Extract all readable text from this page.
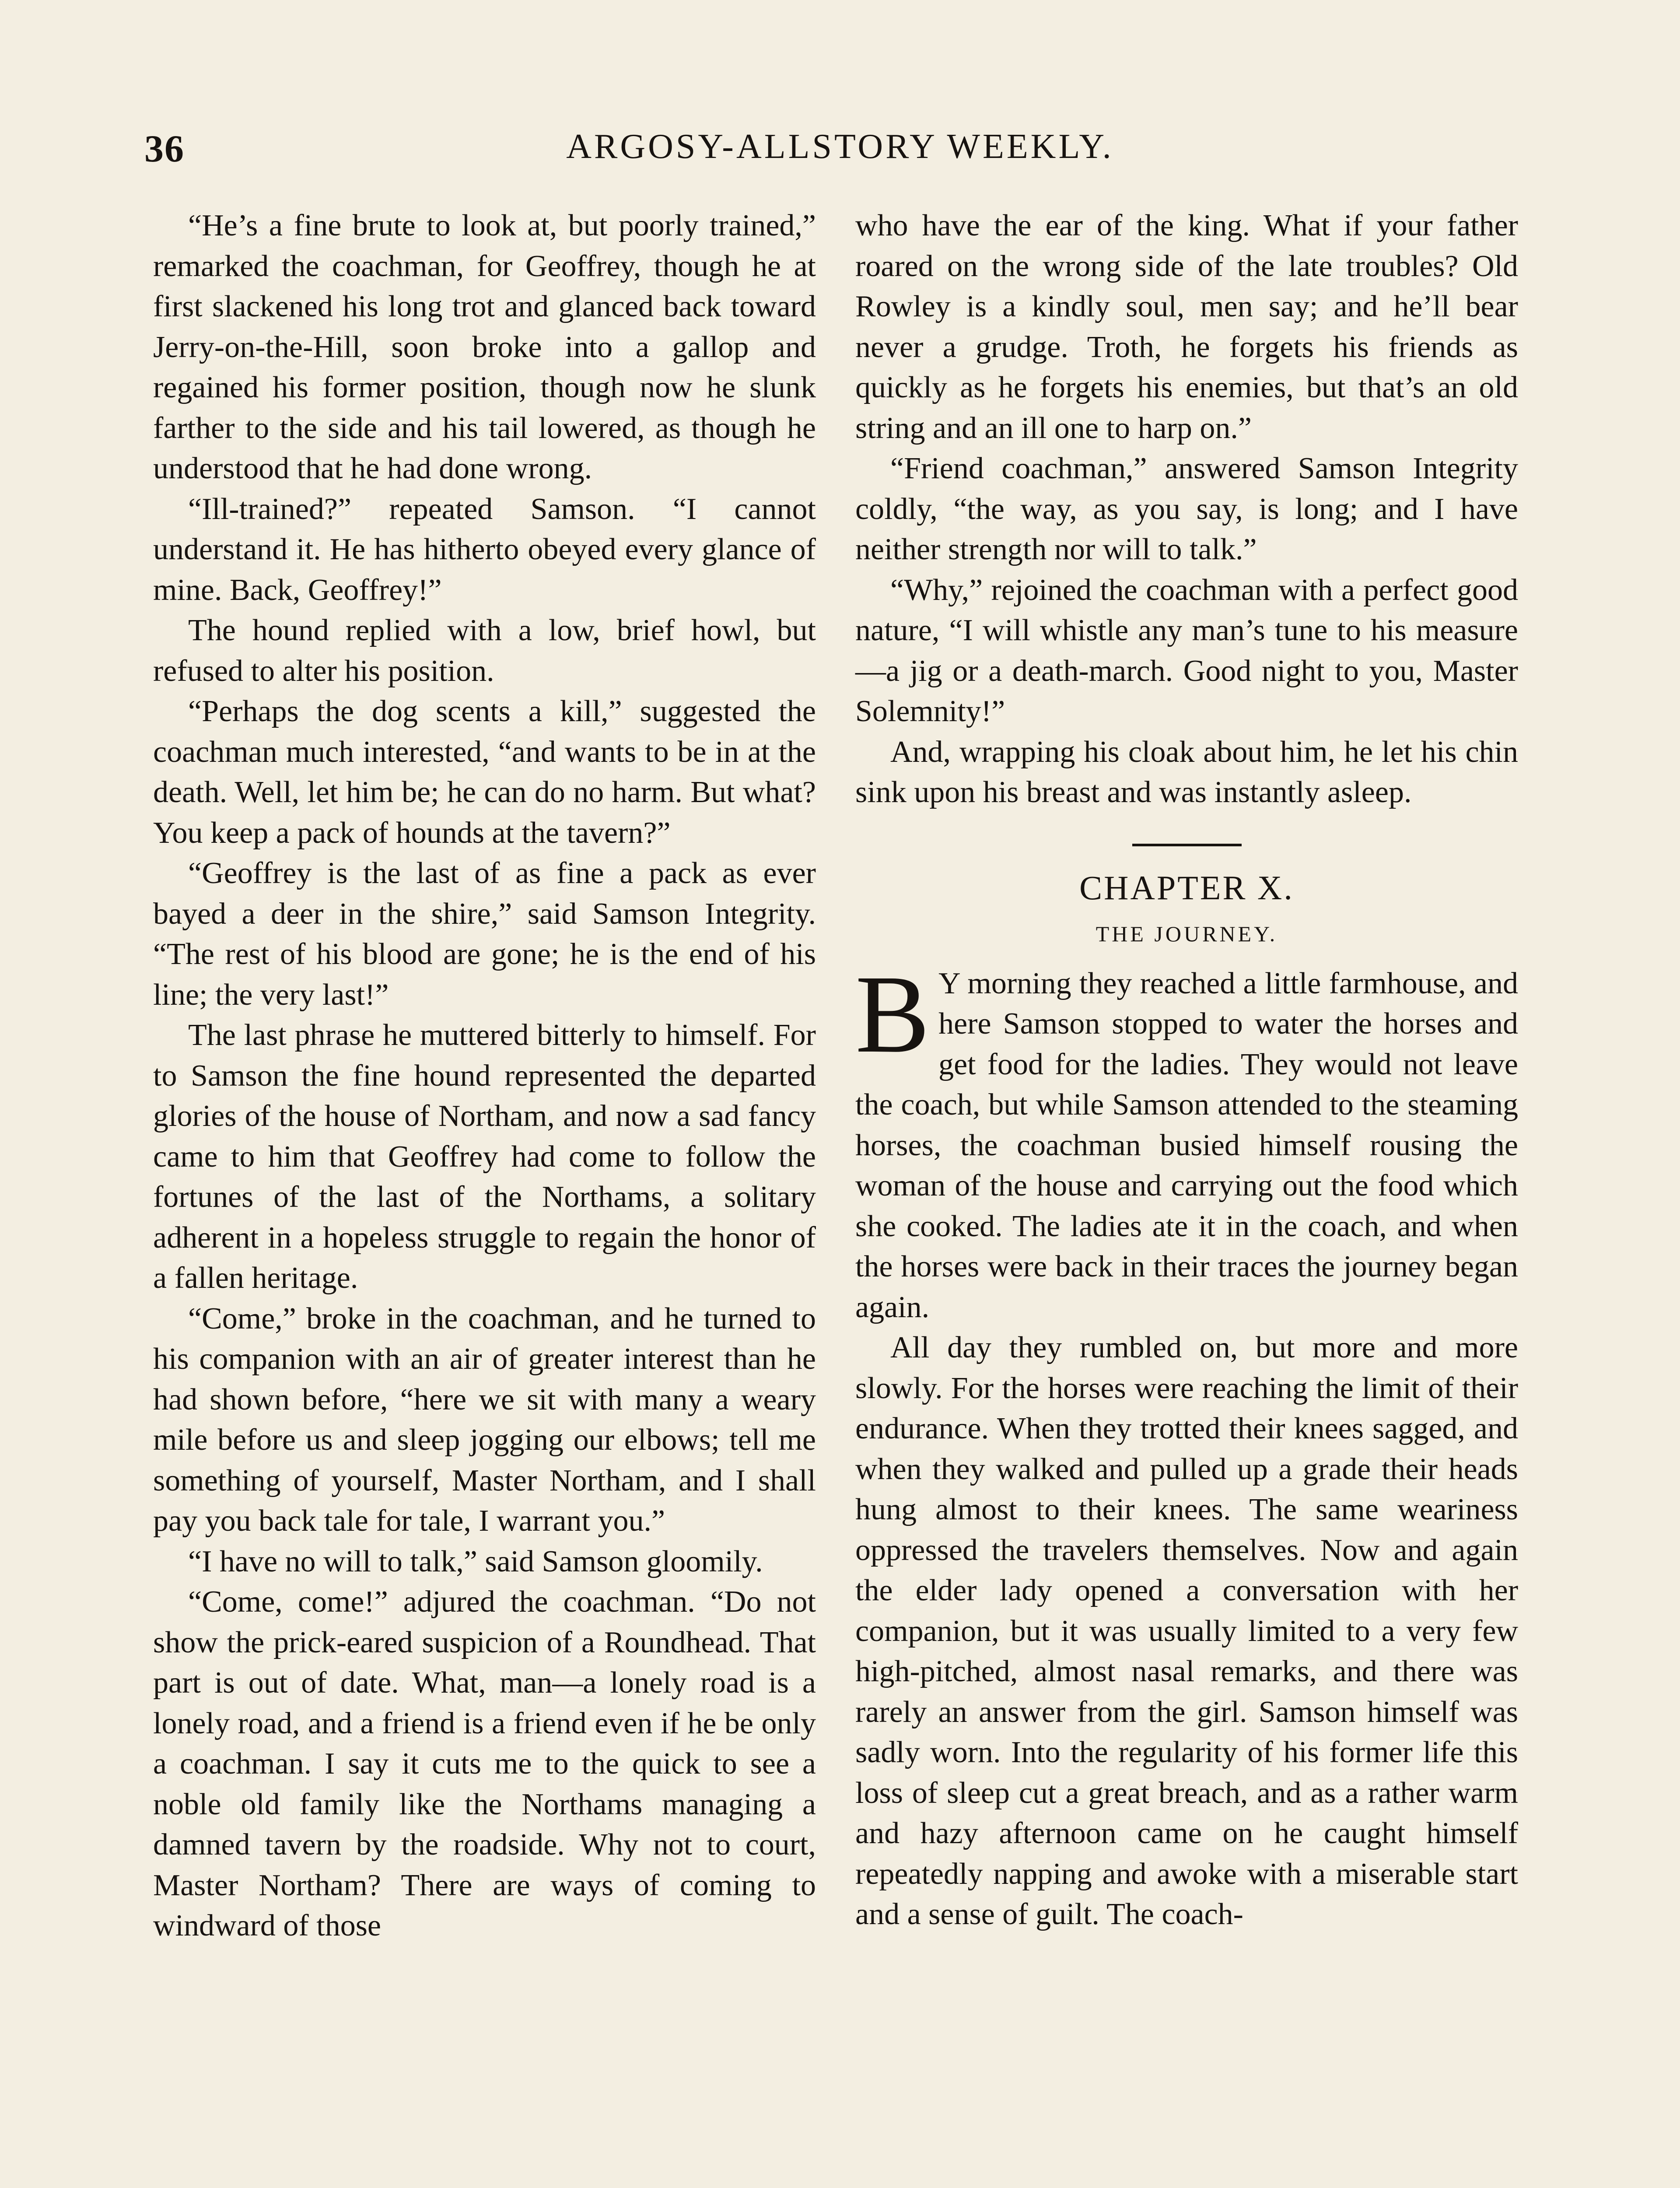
36	ARGOSY-ALLSTORY WEEKLY.

“He’s a fine brute to look at, but poorly trained,” remarked the coachman, for Geoffrey, though he at first slackened his long trot and glanced back toward Jerry-on-the-Hill, soon broke into a gallop and regained his former position, though now he slunk farther to the side and his tail lowered, as though he understood that he had done wrong.

“Ill-trained?” repeated Samson. “I cannot understand it. He has hitherto obeyed every glance of mine. Back, Geoffrey!”

The hound replied with a low, brief howl, but refused to alter his position.

“Perhaps the dog scents a kill,” suggested the coachman much interested, “and wants to be in at the death. Well, let him be; he can do no harm. But what? You keep a pack of hounds at the tavern?”

“Geoffrey is the last of as fine a pack as ever bayed a deer in the shire,” said Samson Integrity. “The rest of his blood are gone; he is the end of his line; the very last!”

The last phrase he muttered bitterly to himself. For to Samson the fine hound represented the departed glories of the house of Northam, and now a sad fancy came to him that Geoffrey had come to follow the fortunes of the last of the Northams, a solitary adherent in a hopeless struggle to regain the honor of a fallen heritage.

“Come,” broke in the coachman, and he turned to his companion with an air of greater interest than he had shown before, “here we sit with many a weary mile before us and sleep jogging our elbows; tell me something of yourself, Master Northam, and I shall pay you back tale for tale, I warrant you.”

“I have no will to talk,” said Samson gloomily.

“Come, come!” adjured the coachman. “Do not show the prick-eared suspicion of a Roundhead. That part is out of date. What, man—a lonely road is a lonely road, and a friend is a friend even if he be only a coachman. I say it cuts me to the quick to see a noble old family like the Northams managing a damned tavern by the roadside. Why not to court, Master Northam? There are ways of coming to windward of those

who have the ear of the king. What if your father roared on the wrong side of the late troubles? Old Rowley is a kindly soul, men say; and he’ll bear never a grudge. Troth, he forgets his friends as quickly as he forgets his enemies, but that’s an old string and an ill one to harp on.”

“Friend coachman,” answered Samson Integrity coldly, “the way, as you say, is long; and I have neither strength nor will to talk.”

“Why,” rejoined the coachman with a perfect good nature, “I will whistle any man’s tune to his measure—a jig or a death-march. Good night to you, Master Solemnity!”

And, wrapping his cloak about him, he let his chin sink upon his breast and was instantly asleep.

CHAPTER X.
THE JOURNEY.

B Y morning they reached a little farmhouse, and here Samson stopped to water the horses and get food for the ladies. They would not leave the coach, but while Samson attended to the steaming horses, the coachman busied himself rousing the woman of the house and carrying out the food which she cooked. The ladies ate it in the coach, and when the horses were back in their traces the journey began again.

All day they rumbled on, but more and more slowly. For the horses were reaching the limit of their endurance. When they trotted their knees sagged, and when they walked and pulled up a grade their heads hung almost to their knees. The same weariness oppressed the travelers themselves. Now and again the elder lady opened a conversation with her companion, but it was usually limited to a very few high-pitched, almost nasal remarks, and there was rarely an answer from the girl. Samson himself was sadly worn. Into the regularity of his former life this loss of sleep cut a great breach, and as a rather warm and hazy afternoon came on he caught himself repeatedly napping and awoke with a miserable start and a sense of guilt. The coach-
